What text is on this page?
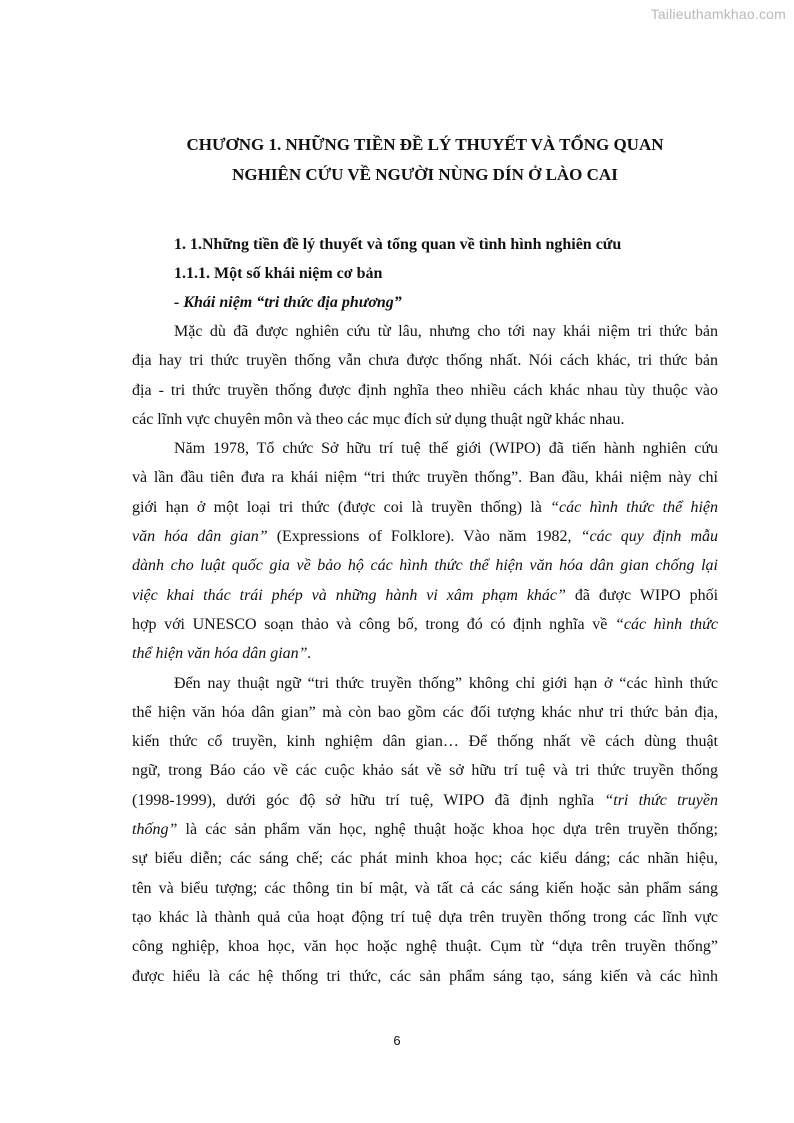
Tailieuthamkhao.com
CHƯƠNG 1. NHỮNG TIỀN ĐỀ LÝ THUYẾT VÀ TỔNG QUAN
NGHIÊN CỨU VỀ NGƯỜI NÙNG DÍN Ở LÀO CAI

1. 1.Những tiền đề lý thuyết và tổng quan về tình hình nghiên cứu

1.1.1. Một số khái niệm cơ bản

- Khái niệm “tri thức địa phương”

Mặc dù đã được nghiên cứu từ lâu, nhưng cho tới nay khái niệm tri thức bản
địa hay tri thức truyền thống vẫn chưa được thống nhất. Nói cách khác, tri thức bản
địa - tri thức truyền thống được định nghĩa theo nhiều cách khác nhau tùy thuộc vào
các lĩnh vực chuyên môn và theo các mục đích sử dụng thuật ngữ khác nhau.
Năm 1978, Tổ chức Sở hữu trí tuệ thế giới (WIPO) đã tiến hành nghiên cứu
và lần đầu tiên đưa ra khái niệm “tri thức truyền thống”. Ban đầu, khái niệm này chỉ
giới hạn ở một loại tri thức (được coi là truyền thống) là “các hình thức thể hiện
văn hóa dân gian” (Expressions of Folklore). Vào năm 1982, “các quy định mẫu
dành cho luật quốc gia về bảo hộ các hình thức thể hiện văn hóa dân gian chống lại
việc khai thác trái phép và những hành vi xâm phạm khác” đã được WIPO phối
hợp với UNESCO soạn thảo và công bố, trong đó có định nghĩa về “các hình thức
thể hiện văn hóa dân gian”.
Đến nay thuật ngữ “tri thức truyền thống” không chỉ giới hạn ở “các hình thức
thể hiện văn hóa dân gian” mà còn bao gồm các đối tượng khác như tri thức bản địa,
kiến thức cổ truyền, kinh nghiệm dân gian… Để thống nhất về cách dùng thuật
ngữ, trong Báo cáo về các cuộc khảo sát về sở hữu trí tuệ và tri thức truyền thống
(1998-1999), dưới góc độ sở hữu trí tuệ, WIPO đã định nghĩa “tri thức truyền
thống” là các sản phẩm văn học, nghệ thuật hoặc khoa học dựa trên truyền thống;
sự biểu diễn; các sáng chế; các phát minh khoa học; các kiểu dáng; các nhãn hiệu,
tên và biểu tượng; các thông tin bí mật, và tất cả các sáng kiến hoặc sản phẩm sáng
tạo khác là thành quả của hoạt động trí tuệ dựa trên truyền thống trong các lĩnh vực
công nghiệp, khoa học, văn học hoặc nghệ thuật. Cụm từ “dựa trên truyền thống”
được hiểu là các hệ thống tri thức, các sản phẩm sáng tạo, sáng kiến và các hình
6
